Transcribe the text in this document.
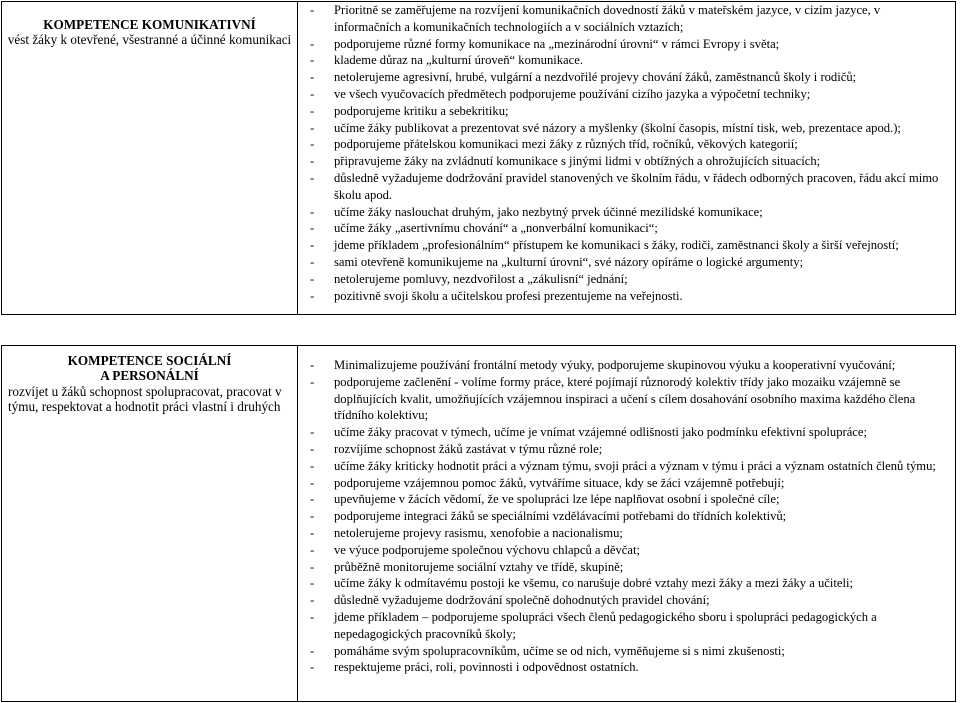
KOMPETENCE KOMUNIKATIVNÍ
vést žáky k otevřené, všestranné a účinné komunikaci

- Prioritně se zaměřujeme na rozvíjení komunikačních dovedností žáků v mateřském jazyce, v cizím jazyce, v informačních a komunikačních technologiích a v sociálních vztazích;
- podporujeme různé formy komunikace na „mezinárodní úrovni“ v rámci Evropy i světa;
- klademe důraz na „kulturní úroveň“ komunikace.
- netolerujeme agresivní, hrubé, vulgární a nezdvořilé projevy chování žáků, zaměstnanců školy i rodičů;
- ve všech vyučovacích předmětech podporujeme používání cizího jazyka a výpočetní techniky;
- podporujeme kritiku a sebekritiku;
- učíme žáky publikovat a prezentovat své názory a myšlenky (školní časopis, místní tisk, web, prezentace apod.);
- podporujeme přátelskou komunikaci mezi žáky z různých tříd, ročníků, věkových kategorií;
- připravujeme žáky na zvládnutí komunikace s jinými lidmi v obtížných a ohrožujících situacích;
- důsledně vyžadujeme dodržování pravidel stanovených ve školním řádu, v řádech odborných pracoven, řádu akcí mimo školu apod.
- učíme žáky naslouchat druhým, jako nezbytný prvek účinné mezilidské komunikace;
- učíme žáky „asertivnímu chování“ a „nonverbální komunikaci“;
- jdeme příkladem „profesionálním“ přístupem ke komunikaci s žáky, rodiči, zaměstnanci školy a širší veřejností;
- sami otevřeně komunikujeme na „kulturní úrovni“, své názory opíráme o logické argumenty;
- netolerujeme pomluvy, nezdvořilost a „zákulisní“ jednání;
- pozitivně svoji školu a učitelskou profesi prezentujeme na veřejnosti.
KOMPETENCE SOCIÁLNÍ
A PERSONÁLNÍ
rozvíjet u žáků schopnost spolupracovat, pracovat v týmu, respektovat a hodnotit práci vlastní i druhých

- Minimalizujeme používání frontální metody výuky, podporujeme skupinovou výuku a kooperativní vyučování;
- podporujeme začlenění - volíme formy práce, které pojímají různorodý kolektiv třídy jako mozaiku vzájemně se doplňujících kvalit, umožňujících vzájemnou inspiraci a učení s cílem dosahování osobního maxima každého člena třídního kolektivu;
- učíme žáky pracovat v týmech, učíme je vnímat vzájemné odlišnosti jako podmínku efektivní spolupráce;
- rozvíjíme schopnost žáků zastávat v týmu různé role;
- učíme žáky kriticky hodnotit práci a význam týmu, svoji práci a význam v týmu i práci a význam ostatních členů týmu;
- podporujeme vzájemnou pomoc žáků, vytváříme situace, kdy se žáci vzájemně potřebují;
- upevňujeme v žácích vědomí, že ve spolupráci lze lépe naplňovat osobní i společné cíle;
- podporujeme integraci žáků se speciálními vzdělávacími potřebami do třídních kolektivů;
- netolerujeme projevy rasismu, xenofobie a nacionalismu;
- ve výuce podporujeme společnou výchovu chlapců a děvčat;
- průběžně monitorujeme sociální vztahy ve třídě, skupině;
- učíme žáky k odmítavému postoji ke všemu, co narušuje dobré vztahy mezi žáky a mezi žáky a učiteli;
- důsledně vyžadujeme dodržování společně dohodnutých pravidel chování;
- jdeme příkladem – podporujeme spolupráci všech členů pedagogického sboru i spolupráci pedagogických a nepedagogických pracovníků školy;
- pomáháme svým spolupracovníkům, učíme se od nich, vyměňujeme si s nimi zkušenosti;
- respektujeme práci, roli, povinnosti i odpovědnost ostatních.
